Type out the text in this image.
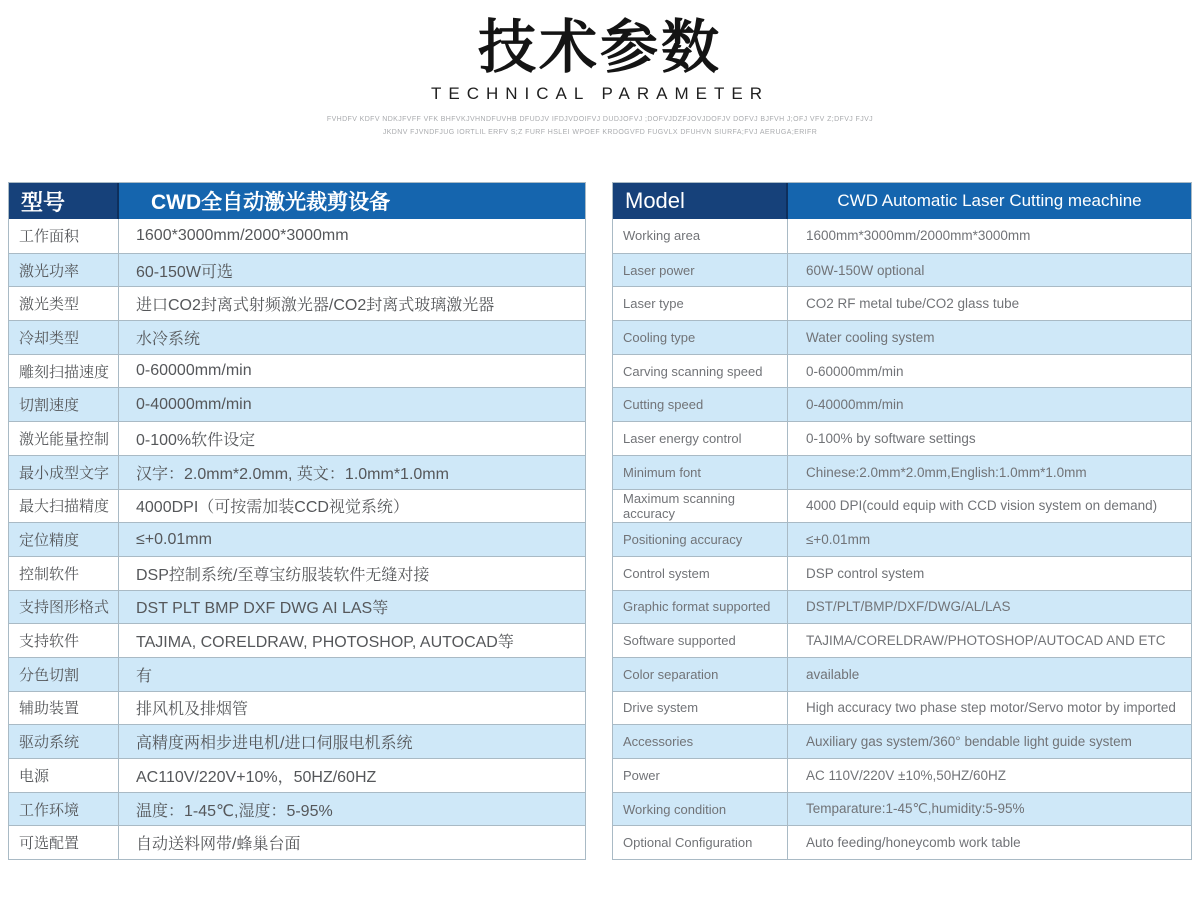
技术参数
TECHNICAL PARAMETER
FVHDFV KDFV NDKJFVFF VFK BHFVKJVHNDFUVHB DFUDJV IFDJVDOIFVJ DUDJOFVJ ;DOFVJDZFJOVJDOFJV DOFVJ BJFVH J;OFJ VFV Z;DFVJ FJVJ
JKDNV FJVNDFJUG IORTLIL ERFV S;Z FURF HSLEI WPOEF KRDOGVFD FUGVLX DFUHVN SIURFA;FVJ AERUGA;ERIFR
型号	CWD全自动激光裁剪设备
工作面积	1600*3000mm/2000*3000mm
激光功率	60-150W可选
激光类型	进口CO2封离式射频激光器/CO2封离式玻璃激光器
冷却类型	水冷系统
雕刻扫描速度	0-60000mm/min
切割速度	0-40000mm/min
激光能量控制	0-100%软件设定
最小成型文字	汉字：2.0mm*2.0mm, 英文：1.0mm*1.0mm
最大扫描精度	4000DPI（可按需加装CCD视觉系统）
定位精度	≤+0.01mm
控制软件	DSP控制系统/至尊宝纺服装软件无缝对接
支持图形格式	DST PLT BMP DXF DWG AI LAS等
支持软件	TAJIMA, CORELDRAW, PHOTOSHOP, AUTOCAD等
分色切割	有
辅助装置	排风机及排烟管
驱动系统	高精度两相步进电机/进口伺服电机系统
电源	AC110V/220V+10%，50HZ/60HZ
工作环境	温度：1-45℃,湿度：5-95%
可选配置	自动送料网带/蜂巢台面
Model	CWD Automatic Laser Cutting meachine
Working area	1600mm*3000mm/2000mm*3000mm
Laser power	60W-150W optional
Laser type	CO2 RF metal tube/CO2 glass tube
Cooling type	Water cooling system
Carving scanning speed	0-60000mm/min
Cutting speed	0-40000mm/min
Laser energy control	0-100% by software settings
Minimum font	Chinese:2.0mm*2.0mm,English:1.0mm*1.0mm
Maximum scanning accuracy	4000 DPI(could equip with CCD vision system on demand)
Positioning accuracy	≤+0.01mm
Control system	DSP control system
Graphic format supported	DST/PLT/BMP/DXF/DWG/AL/LAS
Software supported	TAJIMA/CORELDRAW/PHOTOSHOP/AUTOCAD AND ETC
Color separation	available
Drive system	High accuracy two phase step motor/Servo motor by imported
Accessories	Auxiliary gas system/360° bendable light guide system
Power	AC 110V/220V ±10%,50HZ/60HZ
Working condition	Temparature:1-45℃,humidity:5-95%
Optional Configuration	Auto feeding/honeycomb work table
